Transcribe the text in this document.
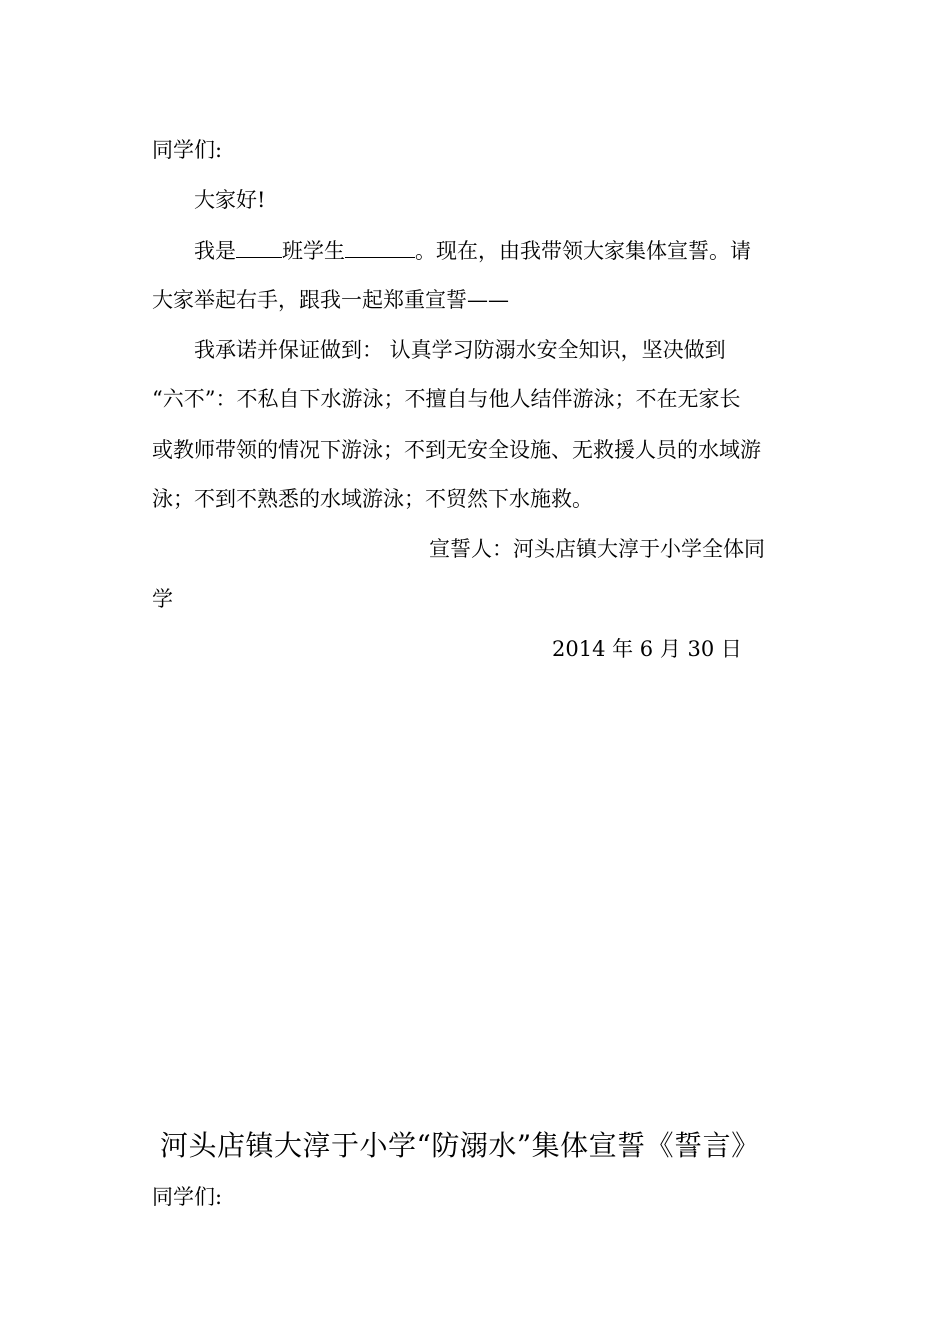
同学们:
大家好!
我是 班学生	。现在，由我带领大家集体宣誓。请
大家举起右手，跟我一起郑重宣誓——
我承诺并保证做到： 认真学习防溺水安全知识，坚决做到
“六不”：不私自下水游泳；不擅自与他人结伴游泳；不在无家长
或教师带领的情况下游泳；不到无安全设施、无救援人员的水域游
泳；不到不熟悉的水域游泳；不贸然下水施救。
宣誓人：河头店镇大淳于小学全体同
学
2014 年 6 月 30 日
河头店镇大淳于小学“防溺水”集体宣誓《誓言》
同学们:
